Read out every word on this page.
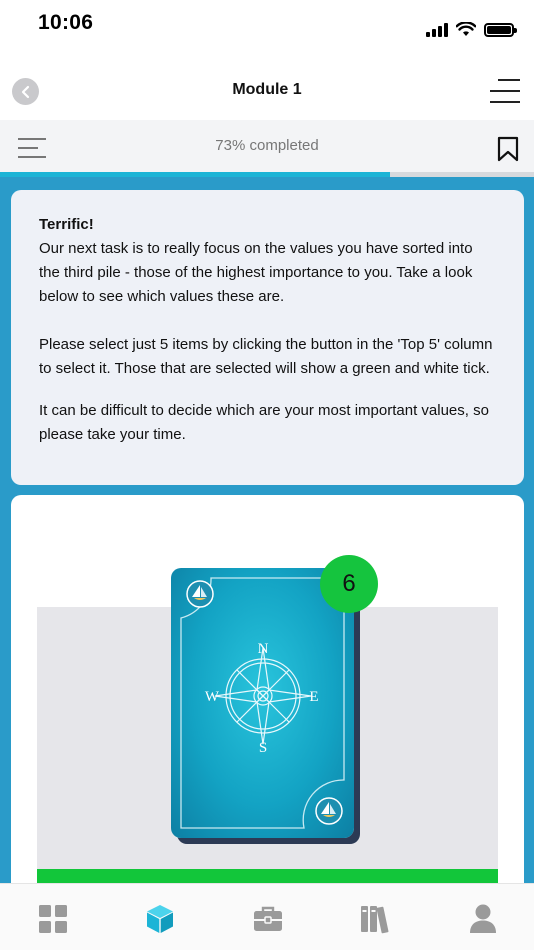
10:06
Module 1
73% completed

Terrific!

Our next task is to really focus on the values you have sorted into the third pile - those of the highest importance to you. Take a look below to see which values these are.

Please select just 5 items by clicking the button in the 'Top 5' column to select it. Those that are selected will show a green and white tick.

It can be difficult to decide which are your most important values, so please take your time.

N
S
W	E
6
